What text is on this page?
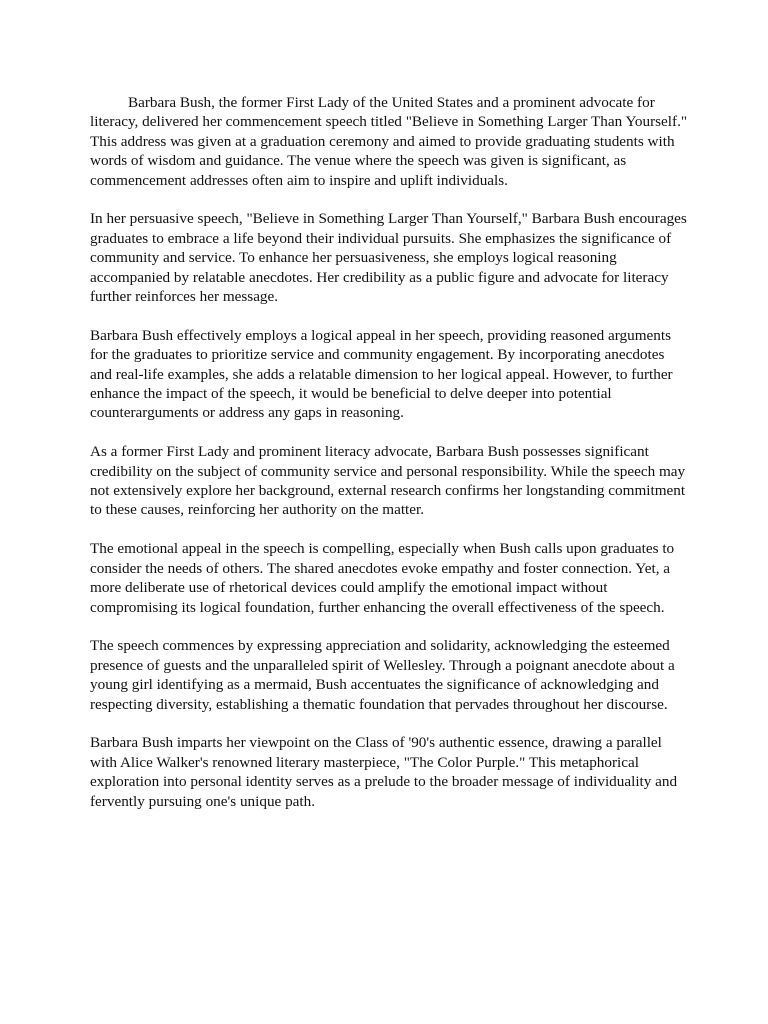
Barbara Bush, the former First Lady of the United States and a prominent advocate for literacy, delivered her commencement speech titled "Believe in Something Larger Than Yourself." This address was given at a graduation ceremony and aimed to provide graduating students with words of wisdom and guidance. The venue where the speech was given is significant, as commencement addresses often aim to inspire and uplift individuals.

In her persuasive speech, "Believe in Something Larger Than Yourself," Barbara Bush encourages graduates to embrace a life beyond their individual pursuits. She emphasizes the significance of community and service. To enhance her persuasiveness, she employs logical reasoning accompanied by relatable anecdotes. Her credibility as a public figure and advocate for literacy further reinforces her message.

Barbara Bush effectively employs a logical appeal in her speech, providing reasoned arguments for the graduates to prioritize service and community engagement. By incorporating anecdotes and real-life examples, she adds a relatable dimension to her logical appeal. However, to further enhance the impact of the speech, it would be beneficial to delve deeper into potential counterarguments or address any gaps in reasoning.

As a former First Lady and prominent literacy advocate, Barbara Bush possesses significant credibility on the subject of community service and personal responsibility. While the speech may not extensively explore her background, external research confirms her longstanding commitment to these causes, reinforcing her authority on the matter.

The emotional appeal in the speech is compelling, especially when Bush calls upon graduates to consider the needs of others. The shared anecdotes evoke empathy and foster connection. Yet, a more deliberate use of rhetorical devices could amplify the emotional impact without compromising its logical foundation, further enhancing the overall effectiveness of the speech.

The speech commences by expressing appreciation and solidarity, acknowledging the esteemed presence of guests and the unparalleled spirit of Wellesley. Through a poignant anecdote about a young girl identifying as a mermaid, Bush accentuates the significance of acknowledging and respecting diversity, establishing a thematic foundation that pervades throughout her discourse.

Barbara Bush imparts her viewpoint on the Class of '90's authentic essence, drawing a parallel with Alice Walker's renowned literary masterpiece, "The Color Purple." This metaphorical exploration into personal identity serves as a prelude to the broader message of individuality and fervently pursuing one's unique path.
